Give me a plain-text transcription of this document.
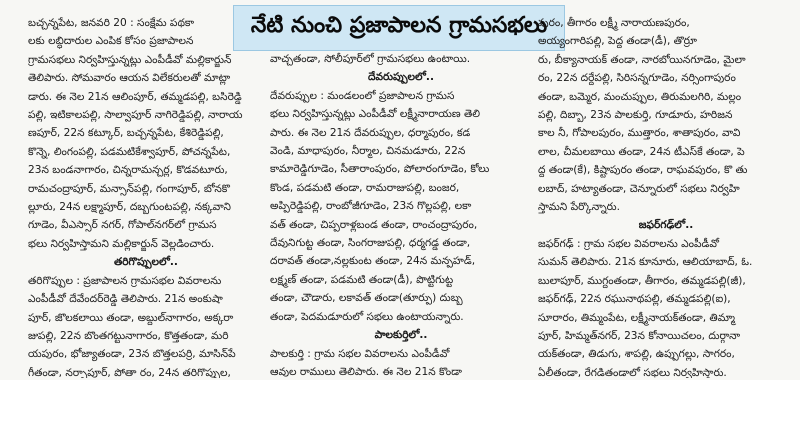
నేటి నుంచి ప్రజాపాలన గ్రామసభలు

బచ్చన్నపేట, జనవరి 20 : సంక్షేమ పథకా

లకు లబ్ధిదారుల ఎంపిక కోసం ప్రజాపాలన

గ్రామసభలు నిర్వహిస్తున్నట్లు ఎంపీడీవో మల్లికార్జున్

తెలిపారు. సోమవారం ఆయన విలేకరులతో మాట్లా

డారు. ఈ నెల 21న ఆలింపూర్, తమ్మడపల్లి, బసిరెడ్డి

పల్లి, ఇటికాలపల్లి, సాల్వాపూర్ నాగిరెడ్డిపల్లి, నారాయ

ణపూర్, 22న కట్కూర్, బచ్చన్నపేట, కేశిరెడ్డిపల్లి,

కొన్నె, లింగంపల్లి, పడమటికేశ్వాపూర్, పోచన్నపేట,

23న బండనాగారం, చిన్నరామన్చర్ల, కొడవటూరు,

రామచంద్రాపూర్, మన్సాన్‌పల్లి, గంగాపూర్, బోనకొ

ల్లూరు, 24న లక్ష్మాపూర్, దబ్బగుంటపల్లి, నక్కవాని

గూడెం, వీఎస్సార్ నగర్, గోపాల్‌నగర్‌లో గ్రామస

భలు నిర్వహిస్తామని మల్లికార్జున్ వెల్లడించారు.

తరిగొప్పులలో..

తరిగొప్పుల : ప్రజాపాలన గ్రామసభల వివరాలను

ఎంపీడీవో దేవేందర్‌రెడ్డి తెలిపారు. 21న అంకుషా

పూర్, జొలకలాయి తండా, అబ్దుల్‌నాగారం, అక్కరా

జుపల్లి, 22న బొంతగట్టునాగారం, కొత్తతండా, మరి

యపురం, భోజ్యాతండా, 23న బొత్తలపర్రి, మాసిన్‌పే

గీతండా, నర్సాపూర్, పోతా రం, 24న తరిగొప్పుల,

వాచ్చతండా, సోలీపూర్‌లో గ్రామసభలు ఉంటాయి.

దేవరుప్పులలో..

దేవరుప్పుల : మండలంలో ప్రజాపాలన గ్రామస

భలు నిర్వహిస్తున్నట్లు ఎంపీడీవో లక్ష్మీనారాయణ తెలి

పారు. ఈ నెల 21న దేవరుప్పుల, ధర్మాపురం, కడ

వెండి, మాధాపురం, నీర్మాల, చినమడూరు, 22న

కామారెడ్డిగూడెం, సీతారాంపురం, పోలారంగూడెం, కోలు

కొండ, పడమటి తండా, రామరాజుపల్లి, బంజర,

అప్పిరెడ్డిపల్లి, రాంబోజీగూడెం, 23న గొల్లపల్లి, లకా

వత్ తండా, చిప్పరాళ్లబండ తండా, రాంచంద్రాపురం,

దేవునిగుట్ట తండా, సింగరాజుపల్లి, ధర్మగడ్డ తండా,

దరావత్ తండా,నల్లకుంట తండా, 24న మన్పహడ్,

లక్ష్మణ్ తండా, పడమటి తండా(డీ), పొట్టిగుట్ట

తండా, చౌడారు, లకావత్ తండా(తూర్పు) దుబ్బ

తండా, పెదమడూరులో సభలు ఉంటాయన్నారు.

పాలకుర్తిలో..

పాలకుర్తి : గ్రామ సభల వివరాలను ఎంపీడీవో

ఆవుల రాములు తెలిపారు. ఈ నెల 21న కొండా

పురం, తీగారం లక్ష్మీ నారాయణపురం,

అయ్యంగారిపల్లి, పెద్ద తండా(డీ), తొర్రూ

రు, బీక్యానాయక్ తండా, నారబోయినగూడెం, మైలా

రం, 22న దర్దేపల్లి, సిరిసన్నగూడెం, నర్సింగాపురం

తండా, బమ్మెర, మంచుప్పుల, తిరుమలగిరి, మల్లం

పల్లి, దిబ్బా, 23న పాలకుర్తి, గూడూరు, హరిజన

కాల నీ, గోపాలపురం, ముత్తారం, శాతాపురం, వావి

లాల, చీమలబాయి తండా, 24న టీఎస్‌కే తండా, పె

ద్ద తండా(కే), కిష్టాపురం తండా, రాఘవపురం, కొ తు

లబాద్, హట్యాతండా, చెన్నూరులో సభలు నిర్వహి

స్తామని పేర్కొన్నారు.

జఫర్‌గఢ్‌లో..

జఫర్‌గఢ్ : గ్రామ సభల వివరాలను ఎంపీడీవో

సుమన్ తెలిపారు. 21న కూనూరు, ఆలియాబాద్, ఓ.

బులాపూర్, ముగ్దంతండా, తీగారం, తమ్మడపల్లి(జీ),

జఫర్‌గఢ్, 22న రఘునాథపల్లి, తమ్మడపల్లి(ఐ),

సూరారం, తిమ్మంపేట, లక్ష్మీనాయక్‌తండా, తిమ్మా

పూర్, హిమ్మత్‌నగర్, 23న కోనాయిచలం, దుర్గానా

యక్‌తండా, తిడుగు, శాపల్లి, ఉప్పుగల్లు, సాగరం,

ఏలీతండా, రేగడితండాలో సభలు నిర్వహిస్తారు.
